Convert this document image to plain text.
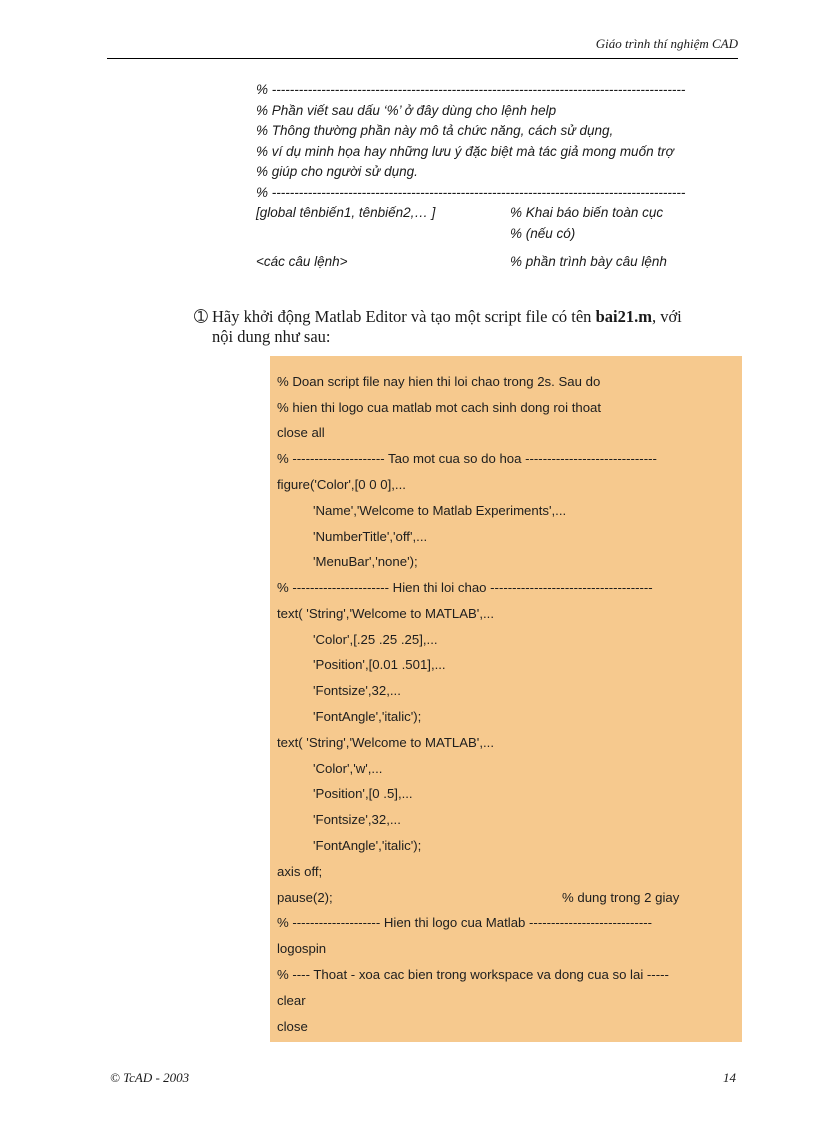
Giáo trình thí nghiệm CAD
% --------------------------------------------------------------------------------------------
% Phần viết sau dấu ‘%’ ở đây dùng cho lệnh help
% Thông thường phần này mô tả chức năng, cách sử dụng,
% ví dụ minh họa hay những lưu ý đặc biệt mà tác giả mong muốn trợ
% giúp cho người sử dụng.
% --------------------------------------------------------------------------------------------
[global tênbiến1, tênbiến2,… ]	% Khai báo biến toàn cục
% (nếu có)
<các câu lệnh>	% phần trình bày câu lệnh
➀ Hãy khởi động Matlab Editor và tạo một script file có tên bai21.m, với
nội dung như sau:
% Doan script file nay hien thi loi chao trong 2s. Sau do
% hien thi logo cua matlab mot cach sinh dong roi thoat
close all
% --------------------- Tao mot cua so do hoa ------------------------------
figure('Color',[0 0 0],...
'Name','Welcome to Matlab Experiments',...
'NumberTitle','off',...
'MenuBar','none');
% ---------------------- Hien thi loi chao -------------------------------------
text( 'String','Welcome to MATLAB',...
'Color',[.25 .25 .25],...
'Position',[0.01 .501],...
'Fontsize',32,...
'FontAngle','italic');
text( 'String','Welcome to MATLAB',...
'Color','w',...
'Position',[0 .5],...
'Fontsize',32,...
'FontAngle','italic');
axis off;
pause(2);	% dung trong 2 giay
% -------------------- Hien thi logo cua Matlab ----------------------------
logospin
% ---- Thoat - xoa cac bien trong workspace va dong cua so lai -----
clear
close
© TcAD - 2003	14
